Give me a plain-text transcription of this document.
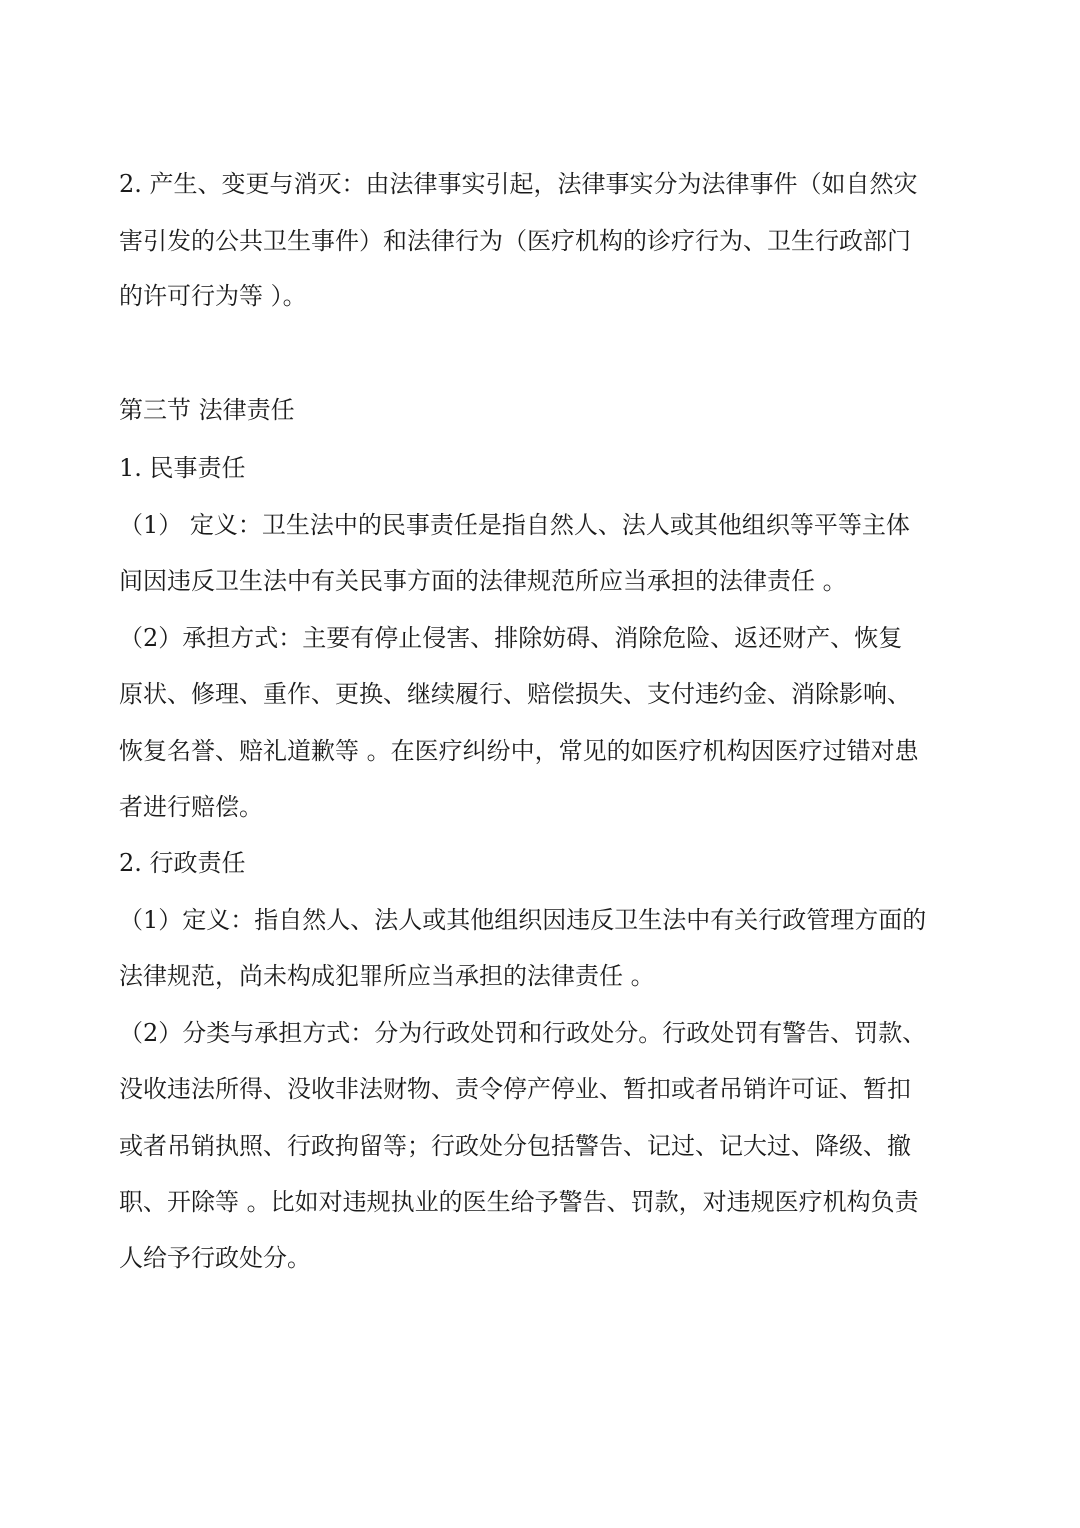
2. 产生、变更与消灭：由法律事实引起，法律事实分为法律事件（如自然灾
害引发的公共卫生事件）和法律行为（医疗机构的诊疗行为、卫生行政部门
的许可行为等 ）。
第三节 法律责任
1. 民事责任
（1） 定义：卫生法中的民事责任是指自然人、法人或其他组织等平等主体
间因违反卫生法中有关民事方面的法律规范所应当承担的法律责任 。
（2）承担方式：主要有停止侵害、排除妨碍、消除危险、返还财产、恢复
原状、修理、重作、更换、继续履行、赔偿损失、支付违约金、消除影响、
恢复名誉、赔礼道歉等 。在医疗纠纷中，常见的如医疗机构因医疗过错对患
者进行赔偿。
2. 行政责任
（1）定义：指自然人、法人或其他组织因违反卫生法中有关行政管理方面的
法律规范，尚未构成犯罪所应当承担的法律责任 。
（2）分类与承担方式：分为行政处罚和行政处分。行政处罚有警告、罚款、
没收违法所得、没收非法财物、责令停产停业、暂扣或者吊销许可证、暂扣
或者吊销执照、行政拘留等；行政处分包括警告、记过、记大过、降级、撤
职、开除等 。比如对违规执业的医生给予警告、罚款，对违规医疗机构负责
人给予行政处分。
